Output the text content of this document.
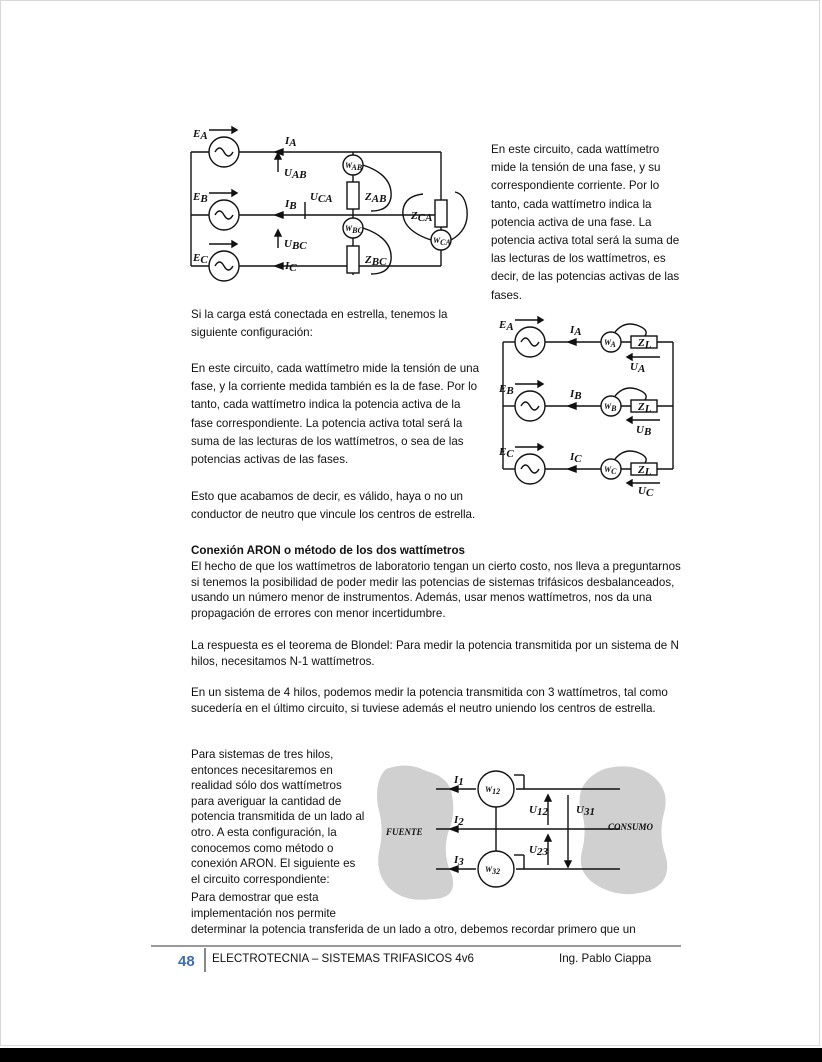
EA
EB
EC
IA
IB
IC
UAB
UCA
UBC
ZAB
ZBC
ZCA
WAB
WBC
WCA

En este circuito, cada wattímetro mide la tensión de una fase, y su correspondiente corriente. Por lo tanto, cada wattímetro indica la potencia activa de una fase. La potencia activa total será la suma de las lecturas de los wattímetros, es decir, de las potencias activas de las fases.

Si la carga está conectada en estrella, tenemos la siguiente configuración:

EA
EB
EC
IA
IB
IC
WA
WB
WC
ZL
ZL
ZL
UA
UB
UC

En este circuito, cada wattímetro mide la tensión de una fase, y la corriente medida también es la de fase. Por lo tanto, cada wattímetro indica la potencia activa de la fase correspondiente. La potencia activa total será la suma de las lecturas de los wattímetros, o sea de las potencias activas de las fases.

Esto que acabamos de decir, es válido, haya o no un conductor de neutro que vincule los centros de estrella.

Conexión ARON o método de los dos wattímetros

El hecho de que los wattímetros de laboratorio tengan un cierto costo, nos lleva a preguntarnos si tenemos la posibilidad de poder medir las potencias de sistemas trifásicos desbalanceados, usando un número menor de instrumentos. Además, usar menos wattímetros, nos da una propagación de errores con menor incertidumbre.

La respuesta es el teorema de Blondel: Para medir la potencia transmitida por un sistema de N hilos, necesitamos N-1 wattímetros.

En un sistema de 4 hilos, podemos medir la potencia transmitida con 3 wattímetros, tal como sucedería en el último circuito, si tuviese además el neutro uniendo los centros de estrella.

Para sistemas de tres hilos, entonces necesitaremos en realidad sólo dos wattímetros para averiguar la cantidad de potencia transmitida de un lado al otro. A esta configuración, la conocemos como método o conexión ARON. El siguiente es el circuito correspondiente:

Para demostrar que esta implementación nos permite

determinar la potencia transferida de un lado a otro, debemos recordar primero que un

FUENTE	CONSUMO
I1
I2
I3
W12
W32
U12	U31
U23
48 ELECTROTECNIA – SISTEMAS TRIFASICOS 4v6	Ing. Pablo Ciappa
